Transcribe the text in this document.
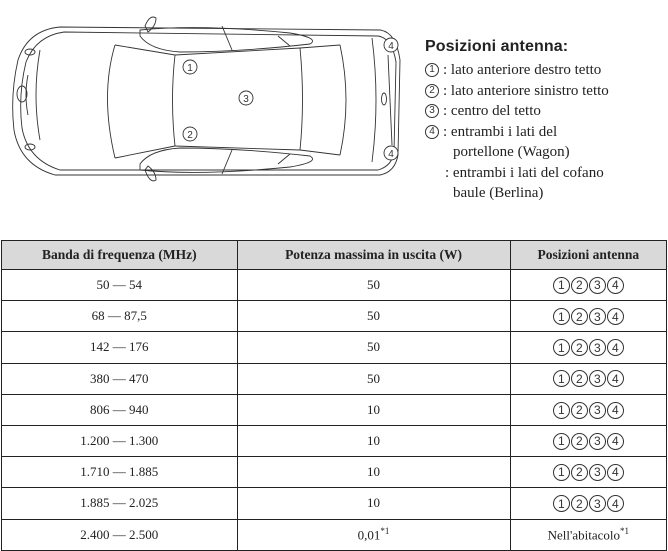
1
2
3
4
4
Posizioni antenna:
1 : lato anteriore destro tetto
2 : lato anteriore sinistro tetto
3 : centro del tetto
4 : entrambi i lati del
portellone (Wagon)
: entrambi i lati del cofano
baule (Berlina)
Banda di frequenza (MHz)	Potenza massima in uscita (W)	Posizioni antenna
50 — 54	50	1 2 3 4

68 — 87,5	50	1 2 3 4

142 — 176	50	1 2 3 4

380 — 470	50	1 2 3 4

806 — 940	10	1 2 3 4

1.200 — 1.300	10	1 2 3 4

1.710 — 1.885	10	1 2 3 4

1.885 — 2.025	10	1 2 3 4

2.400 — 2.500	0,01$^{*1}$	Nell'abitacolo$^{*1}$
